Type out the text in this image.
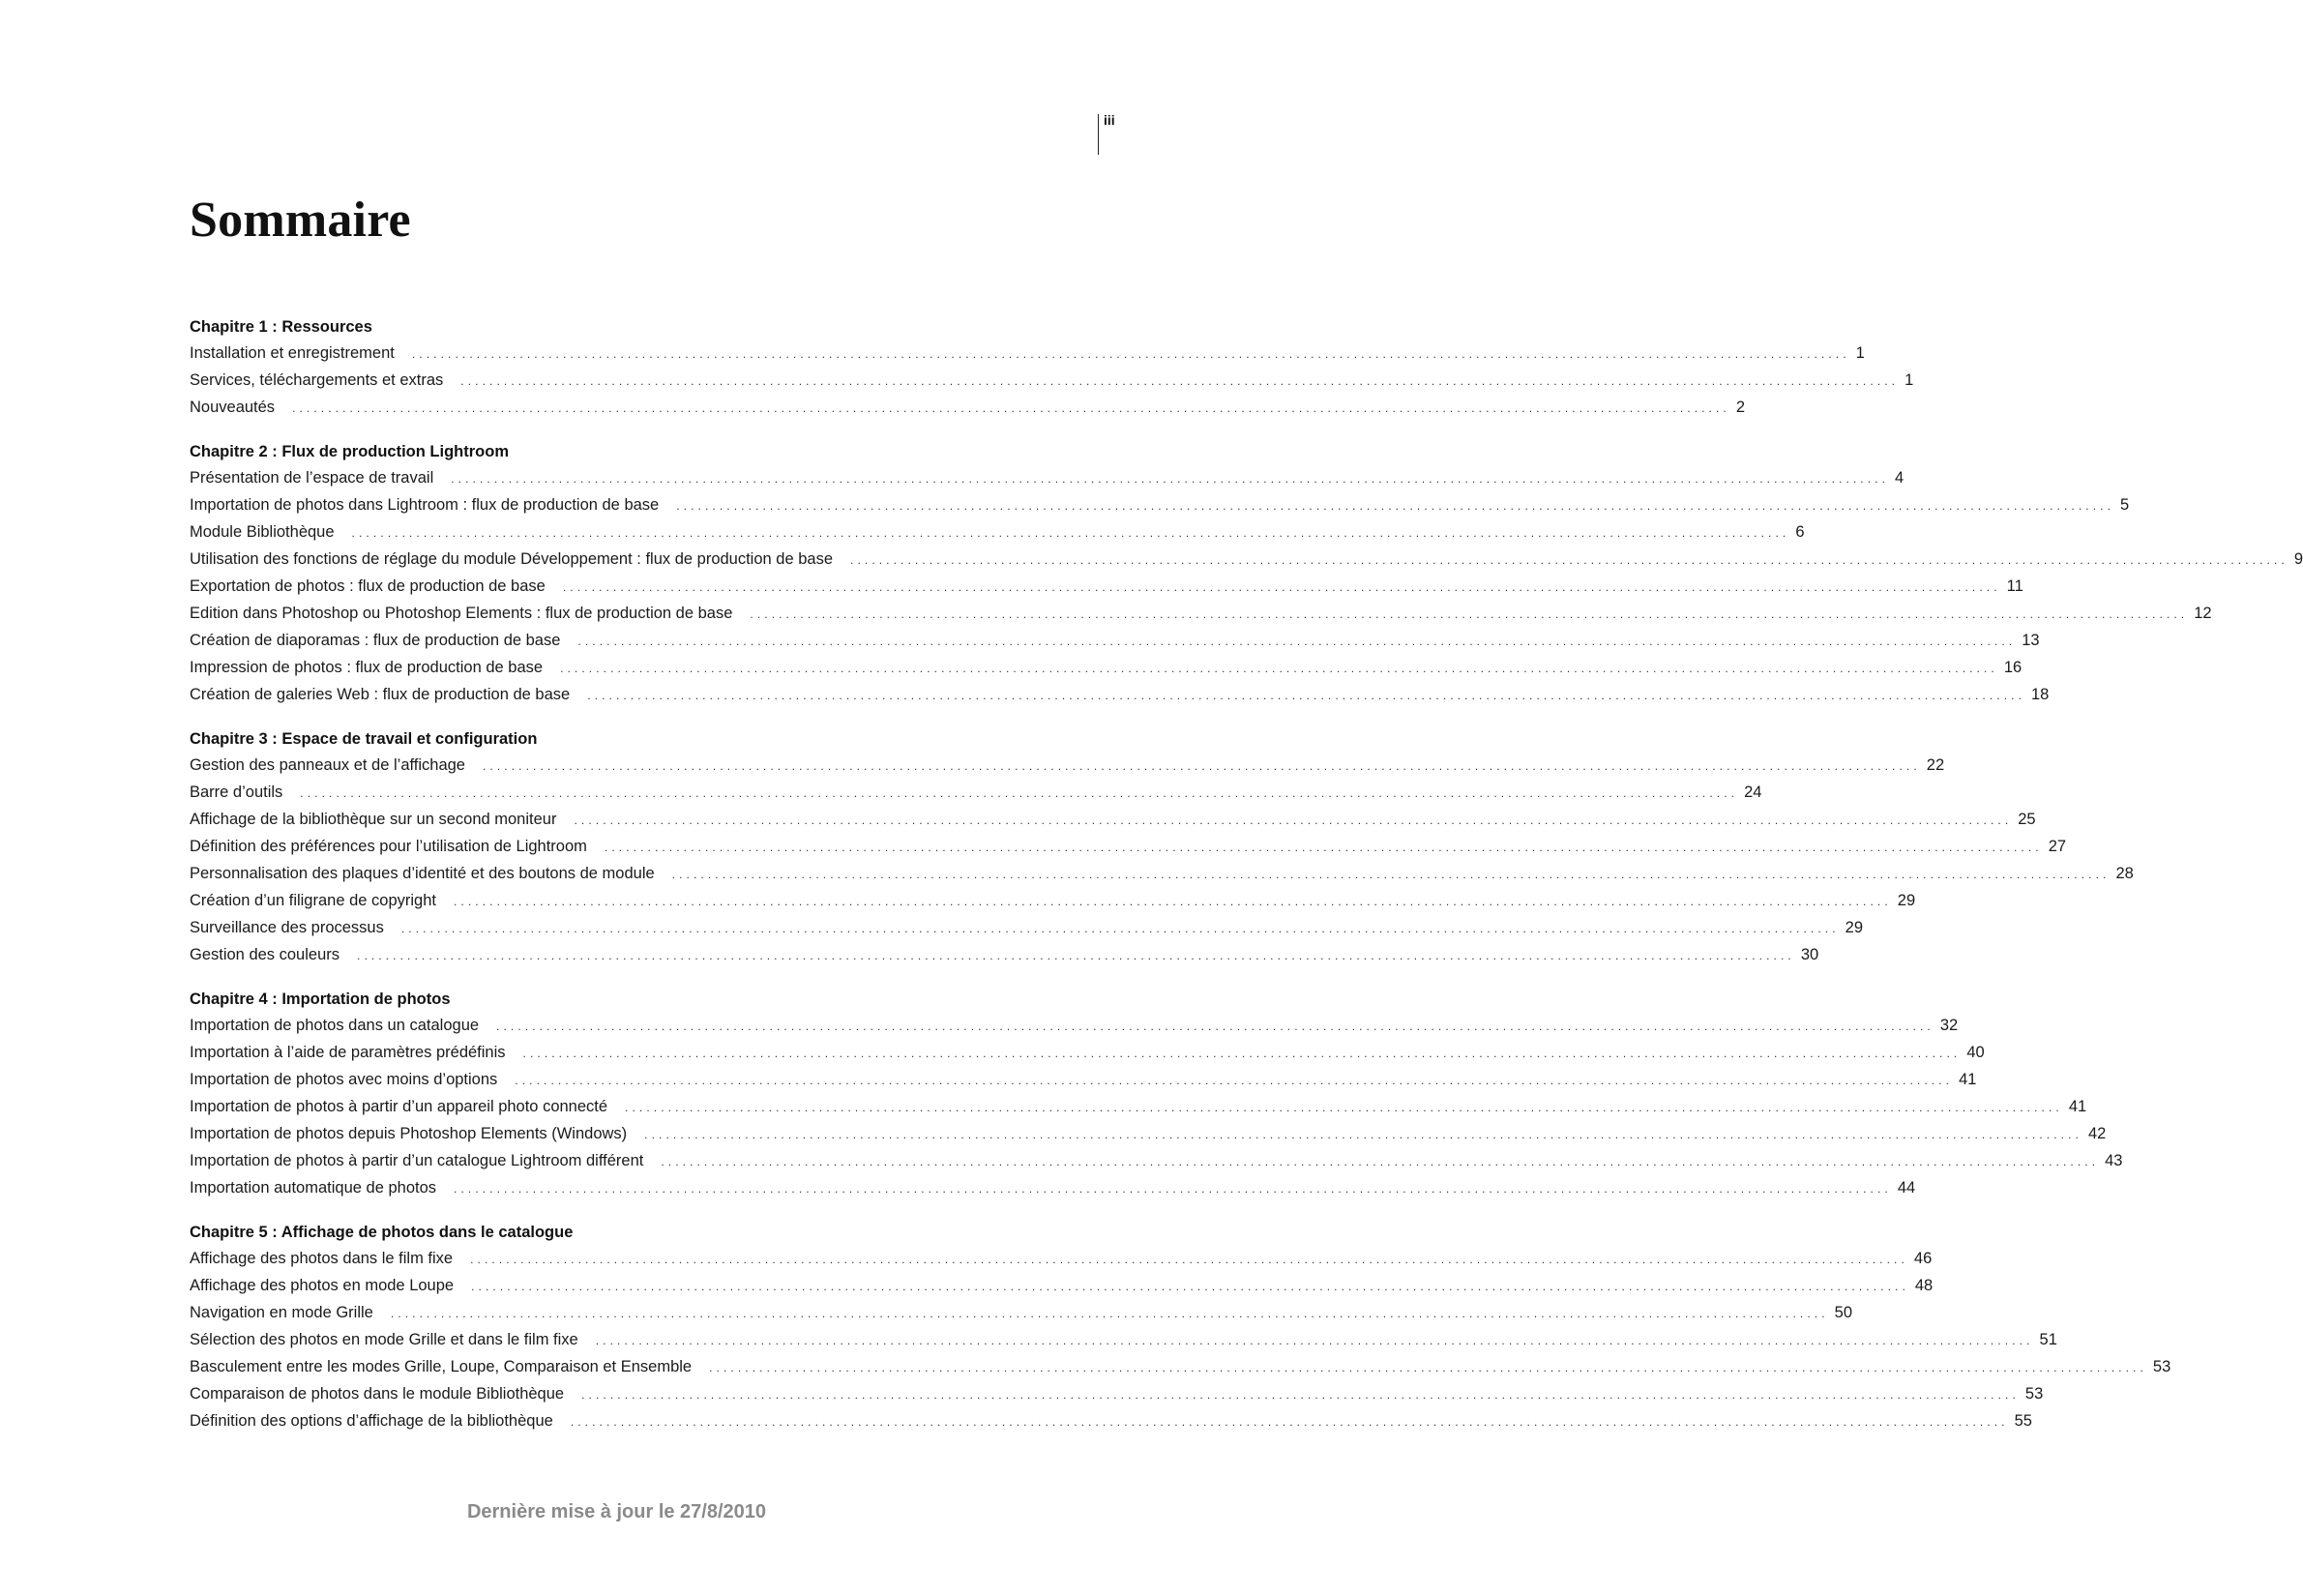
iii
Sommaire
Chapitre 1 : Ressources
Installation et enregistrement ........................................................................................................................................................................................................ 1
Services, téléchargements et extras ........................................................................................................................................................................................................ 1
Nouveautés ........................................................................................................................................................................................................ 2
Chapitre 2 : Flux de production Lightroom
Présentation de l’espace de travail ........................................................................................................................................................................................................ 4
Importation de photos dans Lightroom : flux de production de base ........................................................................................................................................................................................................ 5
Module Bibliothèque ........................................................................................................................................................................................................ 6
Utilisation des fonctions de réglage du module Développement : flux de production de base ........................................................................................................................................................................................................ 9
Exportation de photos : flux de production de base ........................................................................................................................................................................................................ 11
Edition dans Photoshop ou Photoshop Elements : flux de production de base ........................................................................................................................................................................................................ 12
Création de diaporamas : flux de production de base ........................................................................................................................................................................................................ 13
Impression de photos : flux de production de base ........................................................................................................................................................................................................ 16
Création de galeries Web : flux de production de base ........................................................................................................................................................................................................ 18
Chapitre 3 : Espace de travail et configuration
Gestion des panneaux et de l’affichage ........................................................................................................................................................................................................ 22
Barre d’outils ........................................................................................................................................................................................................ 24
Affichage de la bibliothèque sur un second moniteur ........................................................................................................................................................................................................ 25
Définition des préférences pour l’utilisation de Lightroom ........................................................................................................................................................................................................ 27
Personnalisation des plaques d’identité et des boutons de module ........................................................................................................................................................................................................ 28
Création d’un filigrane de copyright ........................................................................................................................................................................................................ 29
Surveillance des processus ........................................................................................................................................................................................................ 29
Gestion des couleurs ........................................................................................................................................................................................................ 30
Chapitre 4 : Importation de photos
Importation de photos dans un catalogue ........................................................................................................................................................................................................ 32
Importation à l’aide de paramètres prédéfinis ........................................................................................................................................................................................................ 40
Importation de photos avec moins d’options ........................................................................................................................................................................................................ 41
Importation de photos à partir d’un appareil photo connecté ........................................................................................................................................................................................................ 41
Importation de photos depuis Photoshop Elements (Windows) ........................................................................................................................................................................................................ 42
Importation de photos à partir d’un catalogue Lightroom différent ........................................................................................................................................................................................................ 43
Importation automatique de photos ........................................................................................................................................................................................................ 44
Chapitre 5 : Affichage de photos dans le catalogue
Affichage des photos dans le film fixe ........................................................................................................................................................................................................ 46
Affichage des photos en mode Loupe ........................................................................................................................................................................................................ 48
Navigation en mode Grille ........................................................................................................................................................................................................ 50
Sélection des photos en mode Grille et dans le film fixe ........................................................................................................................................................................................................ 51
Basculement entre les modes Grille, Loupe, Comparaison et Ensemble ........................................................................................................................................................................................................ 53
Comparaison de photos dans le module Bibliothèque ........................................................................................................................................................................................................ 53
Définition des options d’affichage de la bibliothèque ........................................................................................................................................................................................................ 55
Dernière mise à jour le 27/8/2010
